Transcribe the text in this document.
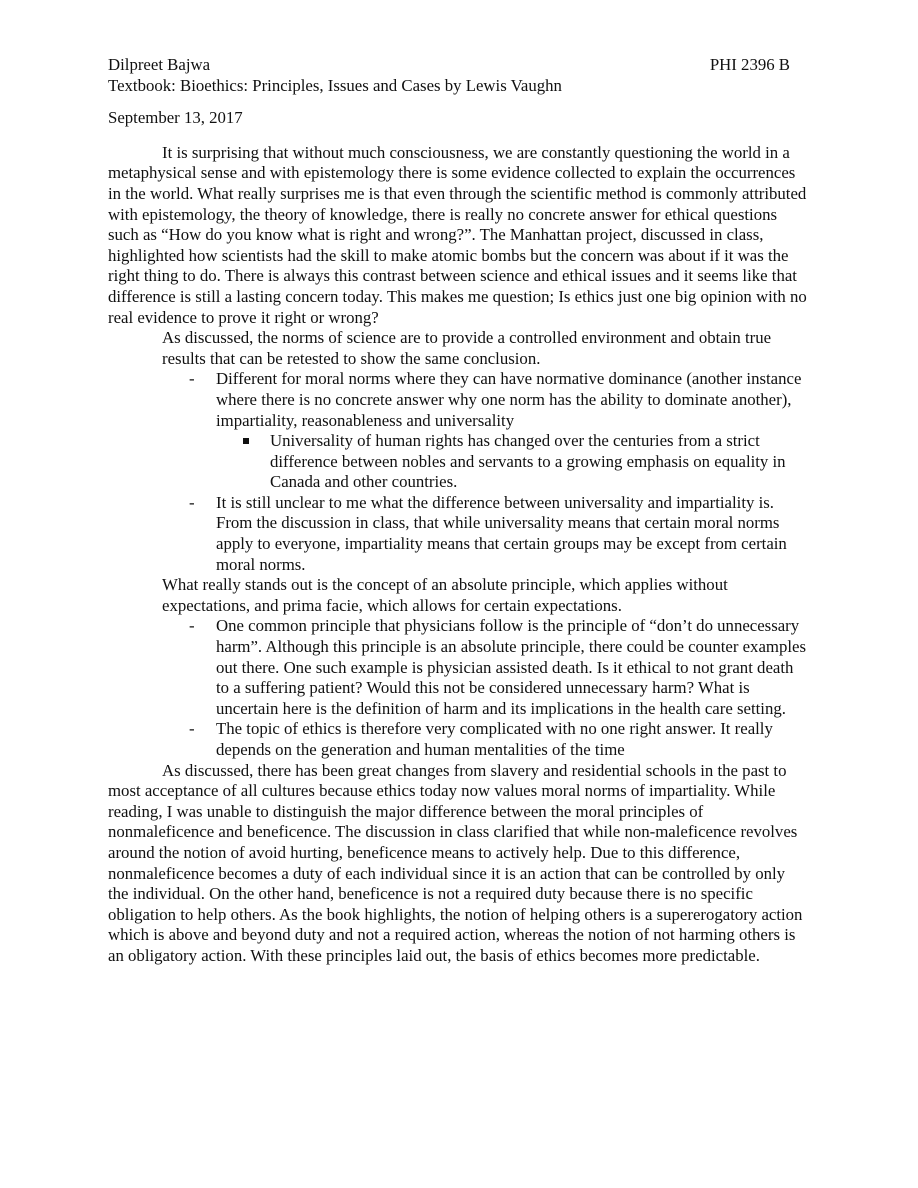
Dilpreet Bajwa	PHI 2396 B

Textbook: Bioethics: Principles, Issues and Cases by Lewis Vaughn

September 13, 2017

It is surprising that without much consciousness, we are constantly questioning the world in a metaphysical sense and with epistemology there is some evidence collected to explain the occurrences in the world. What really surprises me is that even through the scientific method is commonly attributed with epistemology, the theory of knowledge, there is really no concrete answer for ethical questions such as “How do you know what is right and wrong?”. The Manhattan project, discussed in class, highlighted how scientists had the skill to make atomic bombs but the concern was about if it was the right thing to do. There is always this contrast between science and ethical issues and it seems like that difference is still a lasting concern today. This makes me question; Is ethics just one big opinion with no real evidence to prove it right or wrong?

As discussed, the norms of science are to provide a controlled environment and obtain true results that can be retested to show the same conclusion.

- Different for moral norms where they can have normative dominance (another instance where there is no concrete answer why one norm has the ability to dominate another), impartiality, reasonableness and universality
Universality of human rights has changed over the centuries from a strict difference between nobles and servants to a growing emphasis on equality in Canada and other countries.
- It is still unclear to me what the difference between universality and impartiality is. From the discussion in class, that while universality means that certain moral norms apply to everyone, impartiality means that certain groups may be except from certain moral norms.

What really stands out is the concept of an absolute principle, which applies without expectations, and prima facie, which allows for certain expectations.

- One common principle that physicians follow is the principle of “don’t do unnecessary harm”. Although this principle is an absolute principle, there could be counter examples out there. One such example is physician assisted death. Is it ethical to not grant death to a suffering patient? Would this not be considered unnecessary harm? What is uncertain here is the definition of harm and its implications in the health care setting.
- The topic of ethics is therefore very complicated with no one right answer. It really depends on the generation and human mentalities of the time

As discussed, there has been great changes from slavery and residential schools in the past to most acceptance of all cultures because ethics today now values moral norms of impartiality. While reading, I was unable to distinguish the major difference between the moral principles of nonmaleficence and beneficence. The discussion in class clarified that while non-maleficence revolves around the notion of avoid hurting, beneficence means to actively help. Due to this difference, nonmaleficence becomes a duty of each individual since it is an action that can be controlled by only the individual. On the other hand, beneficence is not a required duty because there is no specific obligation to help others. As the book highlights, the notion of helping others is a supererogatory action which is above and beyond duty and not a required action, whereas the notion of not harming others is an obligatory action. With these principles laid out, the basis of ethics becomes more predictable.
